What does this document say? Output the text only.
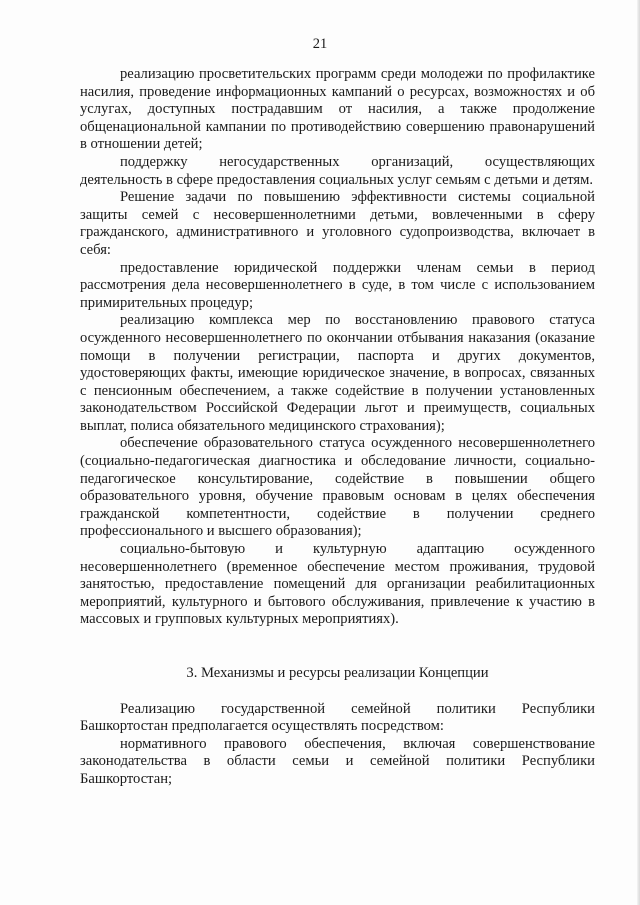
21

реализацию просветительских программ среди молодежи по профилактике насилия, проведение информационных кампаний о ресурсах, возможностях и об услугах, доступных пострадавшим от насилия, а также продолжение общенациональной кампании по противодействию совершению правонарушений в отношении детей;

поддержку негосударственных организаций, осуществляющих деятельность в сфере предоставления социальных услуг семьям с детьми и детям.

Решение задачи по повышению эффективности системы социальной защиты семей с несовершеннолетними детьми, вовлеченными в сферу гражданского, административного и уголовного судопроизводства, включает в себя:

предоставление юридической поддержки членам семьи в период рассмотрения дела несовершеннолетнего в суде, в том числе с использованием примирительных процедур;

реализацию комплекса мер по восстановлению правового статуса осужденного несовершеннолетнего по окончании отбывания наказания (оказание помощи в получении регистрации, паспорта и других документов, удостоверяющих факты, имеющие юридическое значение, в вопросах, связанных с пенсионным обеспечением, а также содействие в получении установленных законодательством Российской Федерации льгот и преимуществ, социальных выплат, полиса обязательного медицинского страхования);

обеспечение образовательного статуса осужденного несовершеннолетнего (социально-педагогическая диагностика и обследование личности, социально-педагогическое консультирование, содействие в повышении общего образовательного уровня, обучение правовым основам в целях обеспечения гражданской компетентности, содействие в получении среднего профессионального и высшего образования);

социально-бытовую и культурную адаптацию осужденного несовершеннолетнего (временное обеспечение местом проживания, трудовой занятостью, предоставление помещений для организации реабилитационных мероприятий, культурного и бытового обслуживания, привлечение к участию в массовых и групповых культурных мероприятиях).

3. Механизмы и ресурсы реализации Концепции

Реализацию государственной семейной политики Республики Башкортостан предполагается осуществлять посредством:

нормативного правового обеспечения, включая совершенствование законодательства в области семьи и семейной политики Республики Башкортостан;
